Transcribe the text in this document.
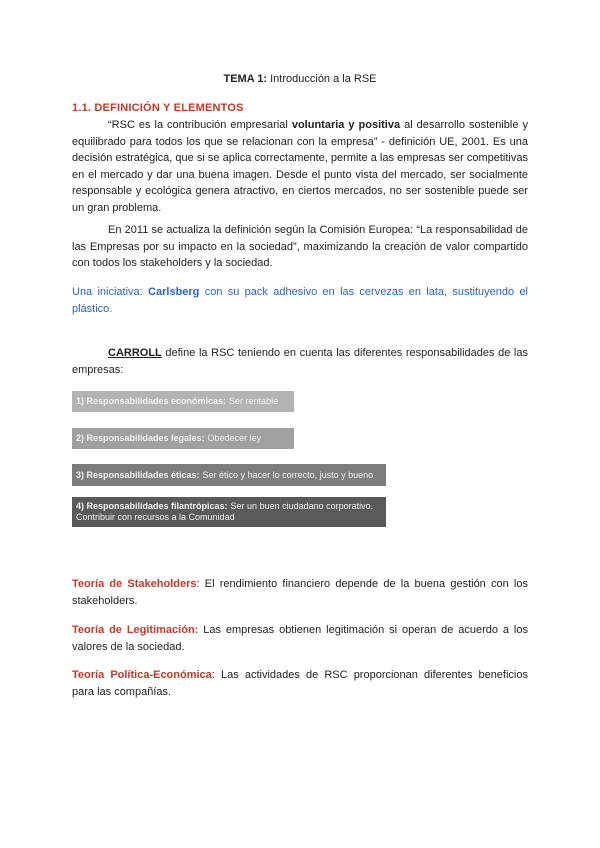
TEMA 1: Introducción a la RSE
1.1. DEFINICIÓN Y ELEMENTOS
“RSC es la contribución empresarial voluntaria y positiva al desarrollo sostenible y equilibrado para todos los que se relacionan con la empresa” - definición UE, 2001. Es una decisión estratégica, que si se aplica correctamente, permite a las empresas ser competitivas en el mercado y dar una buena imagen. Desde el punto vista del mercado, ser socialmente responsable y ecológica genera atractivo, en ciertos mercados, no ser sostenible puede ser un gran problema.
En 2011 se actualiza la definición según la Comisión Europea: “La responsabilidad de las Empresas por su impacto en la sociedad”, maximizando la creación de valor compartido con todos los stakeholders y la sociedad.
Una iniciativa: Carlsberg con su pack adhesivo en las cervezas en lata, sustituyendo el plástico.
CARROLL define la RSC teniendo en cuenta las diferentes responsabilidades de las empresas:
1) Responsabilidades económicas: Ser rentable
2) Responsabilidades legales: Obedecer ley
3) Responsabilidades éticas: Ser ético y hacer lo correcto, justo y bueno
4) Responsabilidades filantrópicas: Ser un buen ciudadano corporativo. Contribuir con recursos a la Comunidad
Teoría de Stakeholders: El rendimiento financiero depende de la buena gestión con los stakeholders.
Teoría de Legitimación: Las empresas obtienen legitimación si operan de acuerdo a los valores de la sociedad.
Teoría Política-Económica: Las actividades de RSC proporcionan diferentes beneficios para las compañías.
